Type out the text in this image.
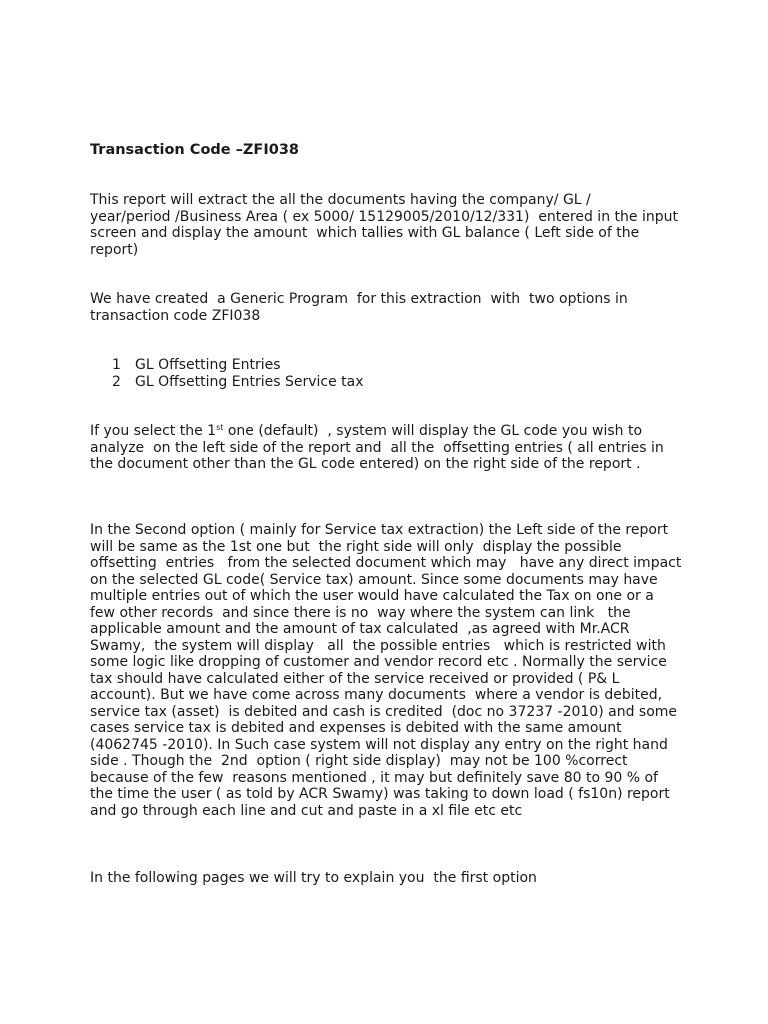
Transaction Code –ZFI038
This report will extract the all the documents having the company/ GL /
year/period /Business Area ( ex 5000/ 15129005/2010/12/331)  entered in the input
screen and display the amount  which tallies with GL balance ( Left side of the
report)
We have created  a Generic Program  for this extraction  with  two options in
transaction code ZFI038
1	GL Offsetting Entries
2	GL Offsetting Entries Service tax
If you select the 1st one (default)  , system will display the GL code you wish to
analyze  on the left side of the report and  all the  offsetting entries ( all entries in
the document other than the GL code entered) on the right side of the report .
In the Second option ( mainly for Service tax extraction) the Left side of the report
will be same as the 1st one but  the right side will only  display the possible
offsetting  entries   from the selected document which may   have any direct impact
on the selected GL code( Service tax) amount. Since some documents may have
multiple entries out of which the user would have calculated the Tax on one or a
few other records  and since there is no  way where the system can link   the
applicable amount and the amount of tax calculated  ,as agreed with Mr.ACR
Swamy,  the system will display   all  the possible entries   which is restricted with
some logic like dropping of customer and vendor record etc . Normally the service
tax should have calculated either of the service received or provided ( P& L
account). But we have come across many documents  where a vendor is debited,
service tax (asset)  is debited and cash is credited  (doc no 37237 -2010) and some
cases service tax is debited and expenses is debited with the same amount
(4062745 -2010). In Such case system will not display any entry on the right hand
side . Though the  2nd  option ( right side display)  may not be 100 %correct
because of the few  reasons mentioned , it may but definitely save 80 to 90 % of
the time the user ( as told by ACR Swamy) was taking to down load ( fs10n) report
and go through each line and cut and paste in a xl file etc etc
In the following pages we will try to explain you  the first option
